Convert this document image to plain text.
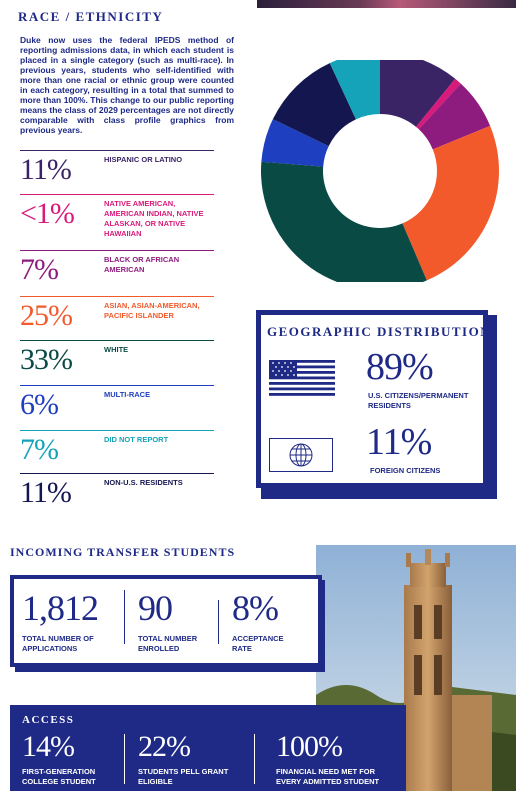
RACE / ETHNICITY
Duke now uses the federal IPEDS method of reporting admissions data, in which each student is placed in a single category (such as multi-race). In previous years, students who self-identified with more than one racial or ethnic group were counted in each category, resulting in a total that summed to more than 100%. This change to our public reporting means the class of 2029 percentages are not directly comparable with class profile graphics from previous years.
11%	HISPANIC OR LATINO
<1%	NATIVE AMERICAN, AMERICAN INDIAN, NATIVE ALASKAN, OR NATIVE HAWAIIAN
7%	BLACK OR AFRICAN AMERICAN
25%	ASIAN, ASIAN-AMERICAN, PACIFIC ISLANDER
33%	WHITE
6%	MULTI-RACE
7%	DID NOT REPORT
11%	NON-U.S. RESIDENTS
GEOGRAPHIC DISTRIBUTION
89%
U.S. CITIZENS/PERMANENT RESIDENTS
11%
FOREIGN CITIZENS
INCOMING TRANSFER STUDENTS
1,812
TOTAL NUMBER OF APPLICATIONS
90
TOTAL NUMBER ENROLLED
8%
ACCEPTANCE RATE
ACCESS
14%
FIRST-GENERATION COLLEGE STUDENT
22%
STUDENTS PELL GRANT ELIGIBLE
100%
FINANCIAL NEED MET FOR EVERY ADMITTED STUDENT
